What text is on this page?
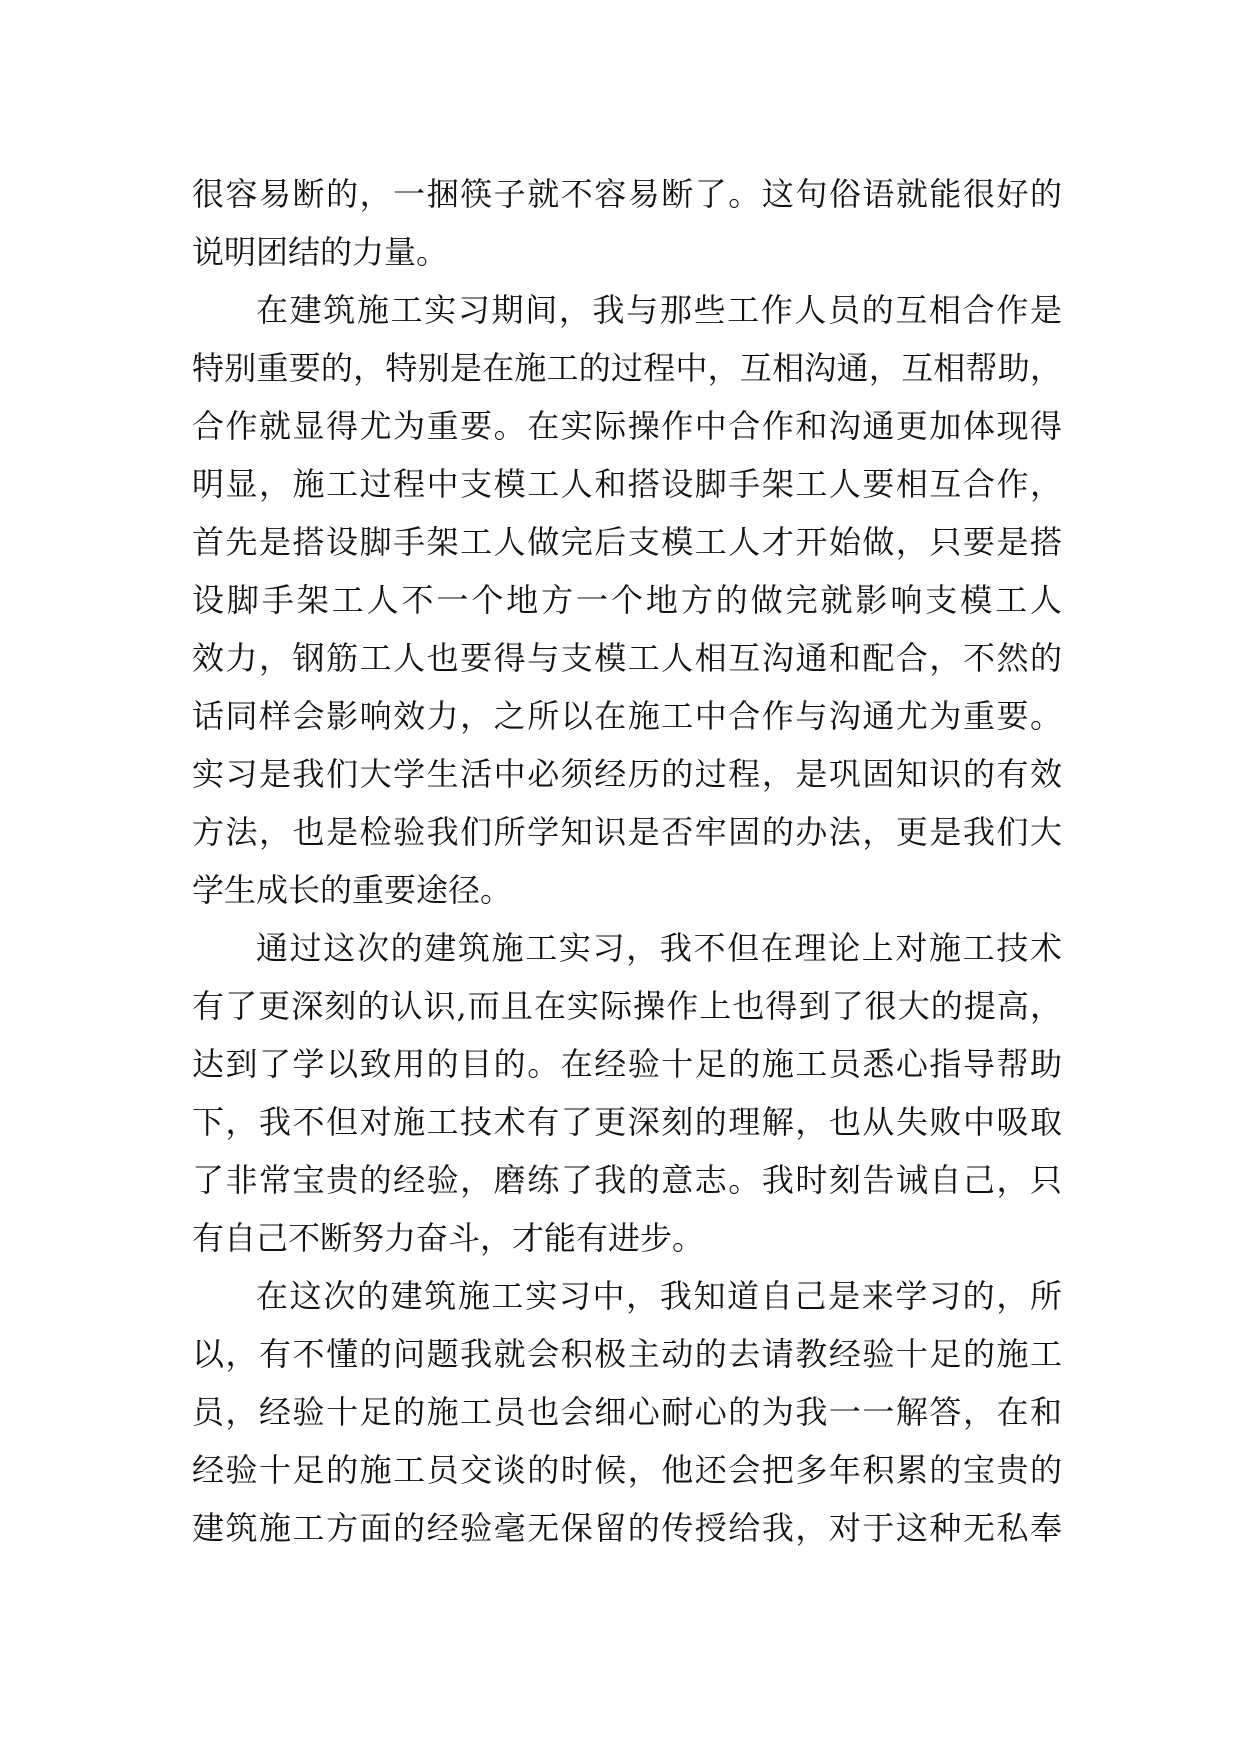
很容易断的，一捆筷子就不容易断了。这句俗语就能很好的
说明团结的力量。
在建筑施工实习期间，我与那些工作人员的互相合作是
特别重要的，特别是在施工的过程中，互相沟通，互相帮助，
合作就显得尤为重要。在实际操作中合作和沟通更加体现得
明显，施工过程中支模工人和搭设脚手架工人要相互合作，
首先是搭设脚手架工人做完后支模工人才开始做，只要是搭
设脚手架工人不一个地方一个地方的做完就影响支模工人
效力，钢筋工人也要得与支模工人相互沟通和配合，不然的
话同样会影响效力，之所以在施工中合作与沟通尤为重要。
实习是我们大学生活中必须经历的过程，是巩固知识的有效
方法，也是检验我们所学知识是否牢固的办法，更是我们大
学生成长的重要途径。
通过这次的建筑施工实习，我不但在理论上对施工技术
有了更深刻的认识,而且在实际操作上也得到了很大的提高，
达到了学以致用的目的。在经验十足的施工员悉心指导帮助
下，我不但对施工技术有了更深刻的理解，也从失败中吸取
了非常宝贵的经验，磨练了我的意志。我时刻告诫自己，只
有自己不断努力奋斗，才能有进步。
在这次的建筑施工实习中，我知道自己是来学习的，所
以，有不懂的问题我就会积极主动的去请教经验十足的施工
员，经验十足的施工员也会细心耐心的为我一一解答，在和
经验十足的施工员交谈的时候，他还会把多年积累的宝贵的
建筑施工方面的经验毫无保留的传授给我，对于这种无私奉
